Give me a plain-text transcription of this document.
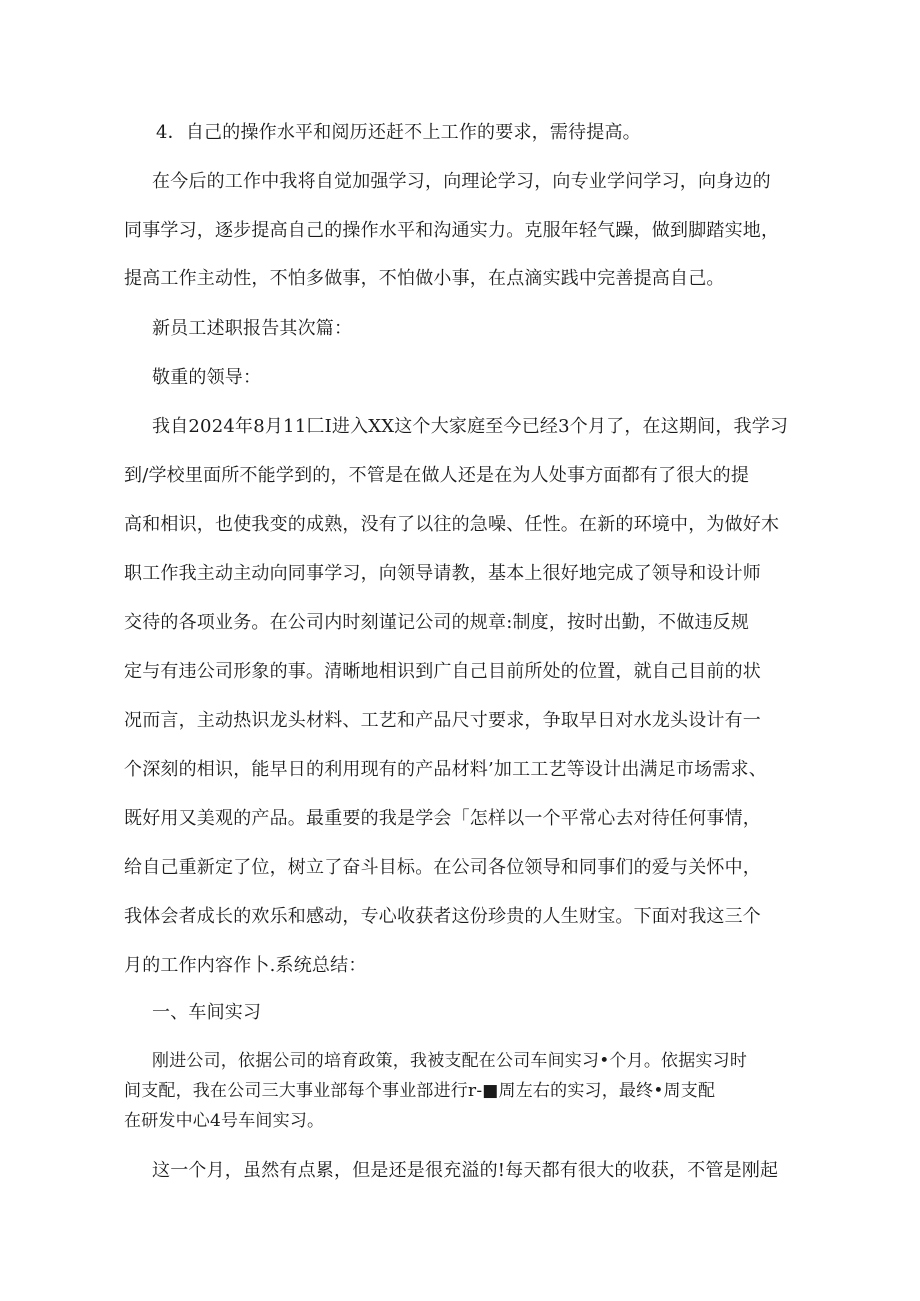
4．自己的操作水平和阅历还赶不上工作的要求，需待提高。
在今后的工作中我将自觉加强学习，向理论学习，向专业学问学习，向身边的
同事学习，逐步提高自己的操作水平和沟通实力。克服年轻气躁，做到脚踏实地，
提高工作主动性，不怕多做事，不怕做小事，在点滴实践中完善提高自己。
新员工述职报告其次篇：
敬重的领导：
我自2024年8月11匚I进入XX这个大家庭至今已经3个月了，在这期间，我学习
到/学校里面所不能学到的，不管是在做人还是在为人处事方面都有了很大的提
高和相识，也使我变的成熟，没有了以往的急噪、任性。在新的环境中，为做好木
职工作我主动主动向同事学习，向领导请教，基本上很好地完成了领导和设计师
交待的各项业务。在公司内时刻谨记公司的规章:制度，按时出勤，不做违反规
定与有违公司形象的事。清晰地相识到广自己目前所处的位置，就自己目前的状
况而言，主动热识龙头材料、工艺和产品尺寸要求，争取早日对水龙头设计有一
个深刻的相识，能早日的利用现有的产品材料’加工工艺等设计出满足市场需求、
既好用又美观的产品。最重要的我是学会「怎样以一个平常心去对待任何事情，
给自己重新定了位，树立了奋斗目标。在公司各位领导和同事们的爱与关怀中，
我体会者成长的欢乐和感动，专心收获者这份珍贵的人生财宝。下面对我这三个
月的工作内容作卜.系统总结：
一、车间实习
刚进公司，依据公司的培育政策，我被支配在公司车间实习•个月。依据实习时
间支配，我在公司三大事业部每个事业部进行r-■周左右的实习，最终•周支配
在研发中心4号车间实习。
这一个月，虽然有点累，但是还是很充溢的!每天都有很大的收获，不管是刚起
